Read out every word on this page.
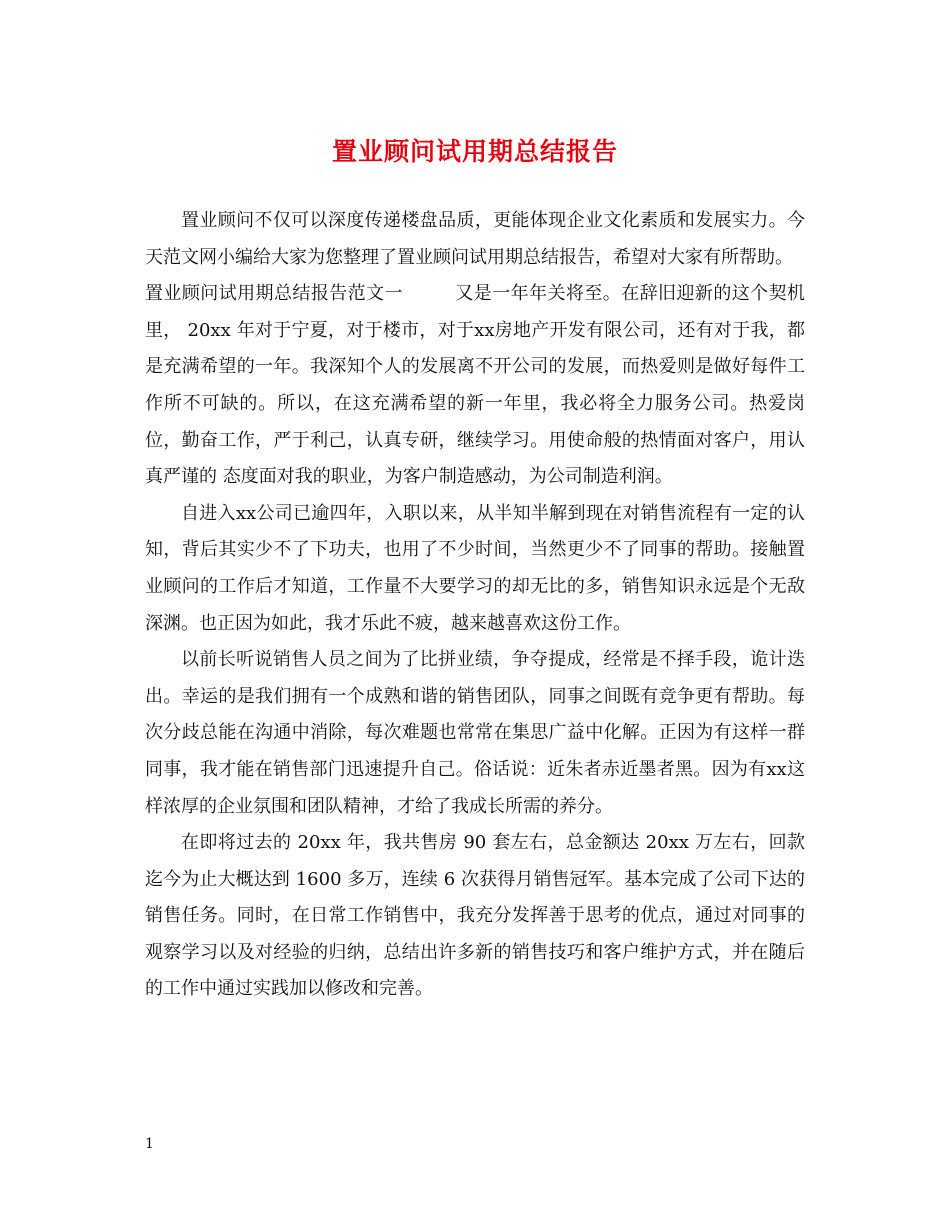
置业顾问试用期总结报告

置业顾问不仅可以深度传递楼盘品质，更能体现企业文化素质和发展实力。今天范文网小编给大家为您整理了置业顾问试用期总结报告，希望对大家有所帮助。

置业顾问试用期总结报告范文一	又是一年年关将至。在辞旧迎新的这个契机里， 20xx 年对于宁夏，对于楼市，对于xx房地产开发有限公司，还有对于我，都是充满希望的一年。我深知个人的发展离不开公司的发展，而热爱则是做好每件工作所不可缺的。所以，在这充满希望的新一年里，我必将全力服务公司。热爱岗位，勤奋工作，严于利己，认真专研，继续学习。用使命般的热情面对客户，用认真严谨的 态度面对我的职业，为客户制造感动，为公司制造利润。

自进入xx公司已逾四年，入职以来，从半知半解到现在对销售流程有一定的认知，背后其实少不了下功夫，也用了不少时间，当然更少不了同事的帮助。接触置业顾问的工作后才知道，工作量不大要学习的却无比的多，销售知识永远是个无敌深渊。也正因为如此，我才乐此不疲，越来越喜欢这份工作。

以前长听说销售人员之间为了比拼业绩，争夺提成，经常是不择手段，诡计迭出。幸运的是我们拥有一个成熟和谐的销售团队，同事之间既有竞争更有帮助。每次分歧总能在沟通中消除，每次难题也常常在集思广益中化解。正因为有这样一群同事，我才能在销售部门迅速提升自己。俗话说：近朱者赤近墨者黑。因为有xx这样浓厚的企业氛围和团队精神，才给了我成长所需的养分。

在即将过去的 20xx 年，我共售房 90 套左右，总金额达 20xx 万左右，回款迄今为止大概达到 1600 多万，连续 6 次获得月销售冠军。基本完成了公司下达的销售任务。同时，在日常工作销售中，我充分发挥善于思考的优点，通过对同事的观察学习以及对经验的归纳，总结出许多新的销售技巧和客户维护方式，并在随后的工作中通过实践加以修改和完善。

1
